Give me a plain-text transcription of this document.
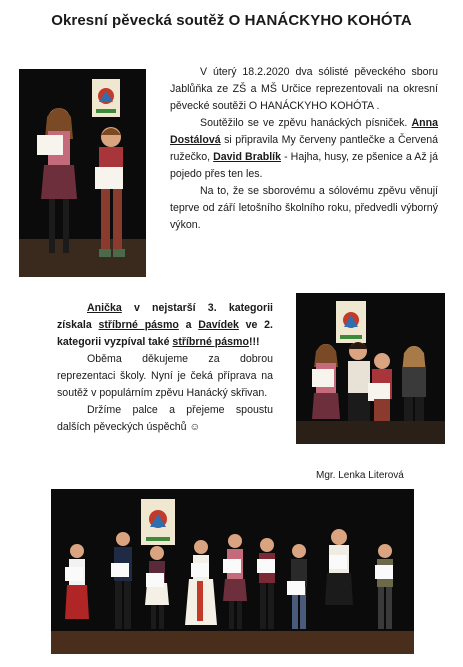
Okresní pěvecká soutěž O HANÁCKYHO KOHÓTA

V úterý 18.2.2020 dva sólisté pěveckého sboru Jablůňka ze ZŠ a MŠ Určice reprezentovali na okresní pěvecké soutěži O HANÁCKYHO KOHÓTA .

Soutěžilo se ve zpěvu hanáckých písniček. Anna Dostálová si připravila My červeny pantlečke a Červená ružečko, David Brablík - Hajha, husy, ze pšenice a Až já pojedo přes ten les.

Na to, že se sborovému a sólovému zpěvu věnují teprve od září letošního školního roku, předvedli výborný výkon.

Anička v nejstarší 3. kategorii získala stříbrné pásmo a Davídek ve 2. kategorii vyzpíval také stříbrné pásmo!!!

Oběma děkujeme za dobrou reprezentaci školy. Nyní je čeká příprava na soutěž v populárním zpěvu Hanácký skřivan.

Držíme palce a přejeme spoustu dalších pěveckých úspěchů ☺

Mgr. Lenka Literová
